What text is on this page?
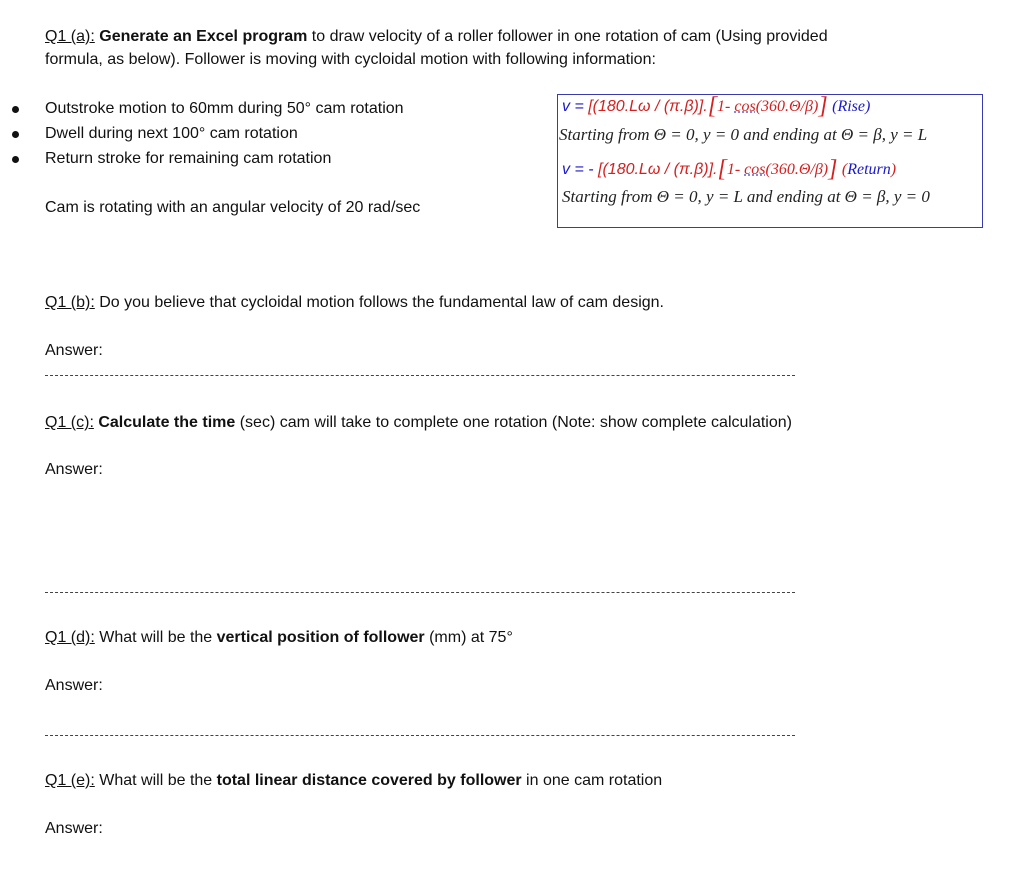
Q1 (a): Generate an Excel program to draw velocity of a roller follower in one rotation of cam (Using provided
formula, as below). Follower is moving with cycloidal motion with following information:
Outstroke motion to 60mm during 50° cam rotation
Dwell during next 100° cam rotation
Return stroke for remaining cam rotation
Cam is rotating with an angular velocity of 20 rad/sec
v = [(180.Lω / (π.β)].[1- cos(360.Θ/β)] (Rise)
Starting from Θ = 0, y = 0 and ending at Θ = β, y = L
v = - [(180.Lω / (π.β)].[1- cos(360.Θ/β)] (Return)
Starting from Θ = 0, y = L and ending at Θ = β, y = 0
Q1 (b): Do you believe that cycloidal motion follows the fundamental law of cam design.
Answer:
Q1 (c): Calculate the time (sec) cam will take to complete one rotation (Note: show complete calculation)
Answer:
Q1 (d): What will be the vertical position of follower (mm) at 75°
Answer:
Q1 (e): What will be the total linear distance covered by follower in one cam rotation
Answer:
